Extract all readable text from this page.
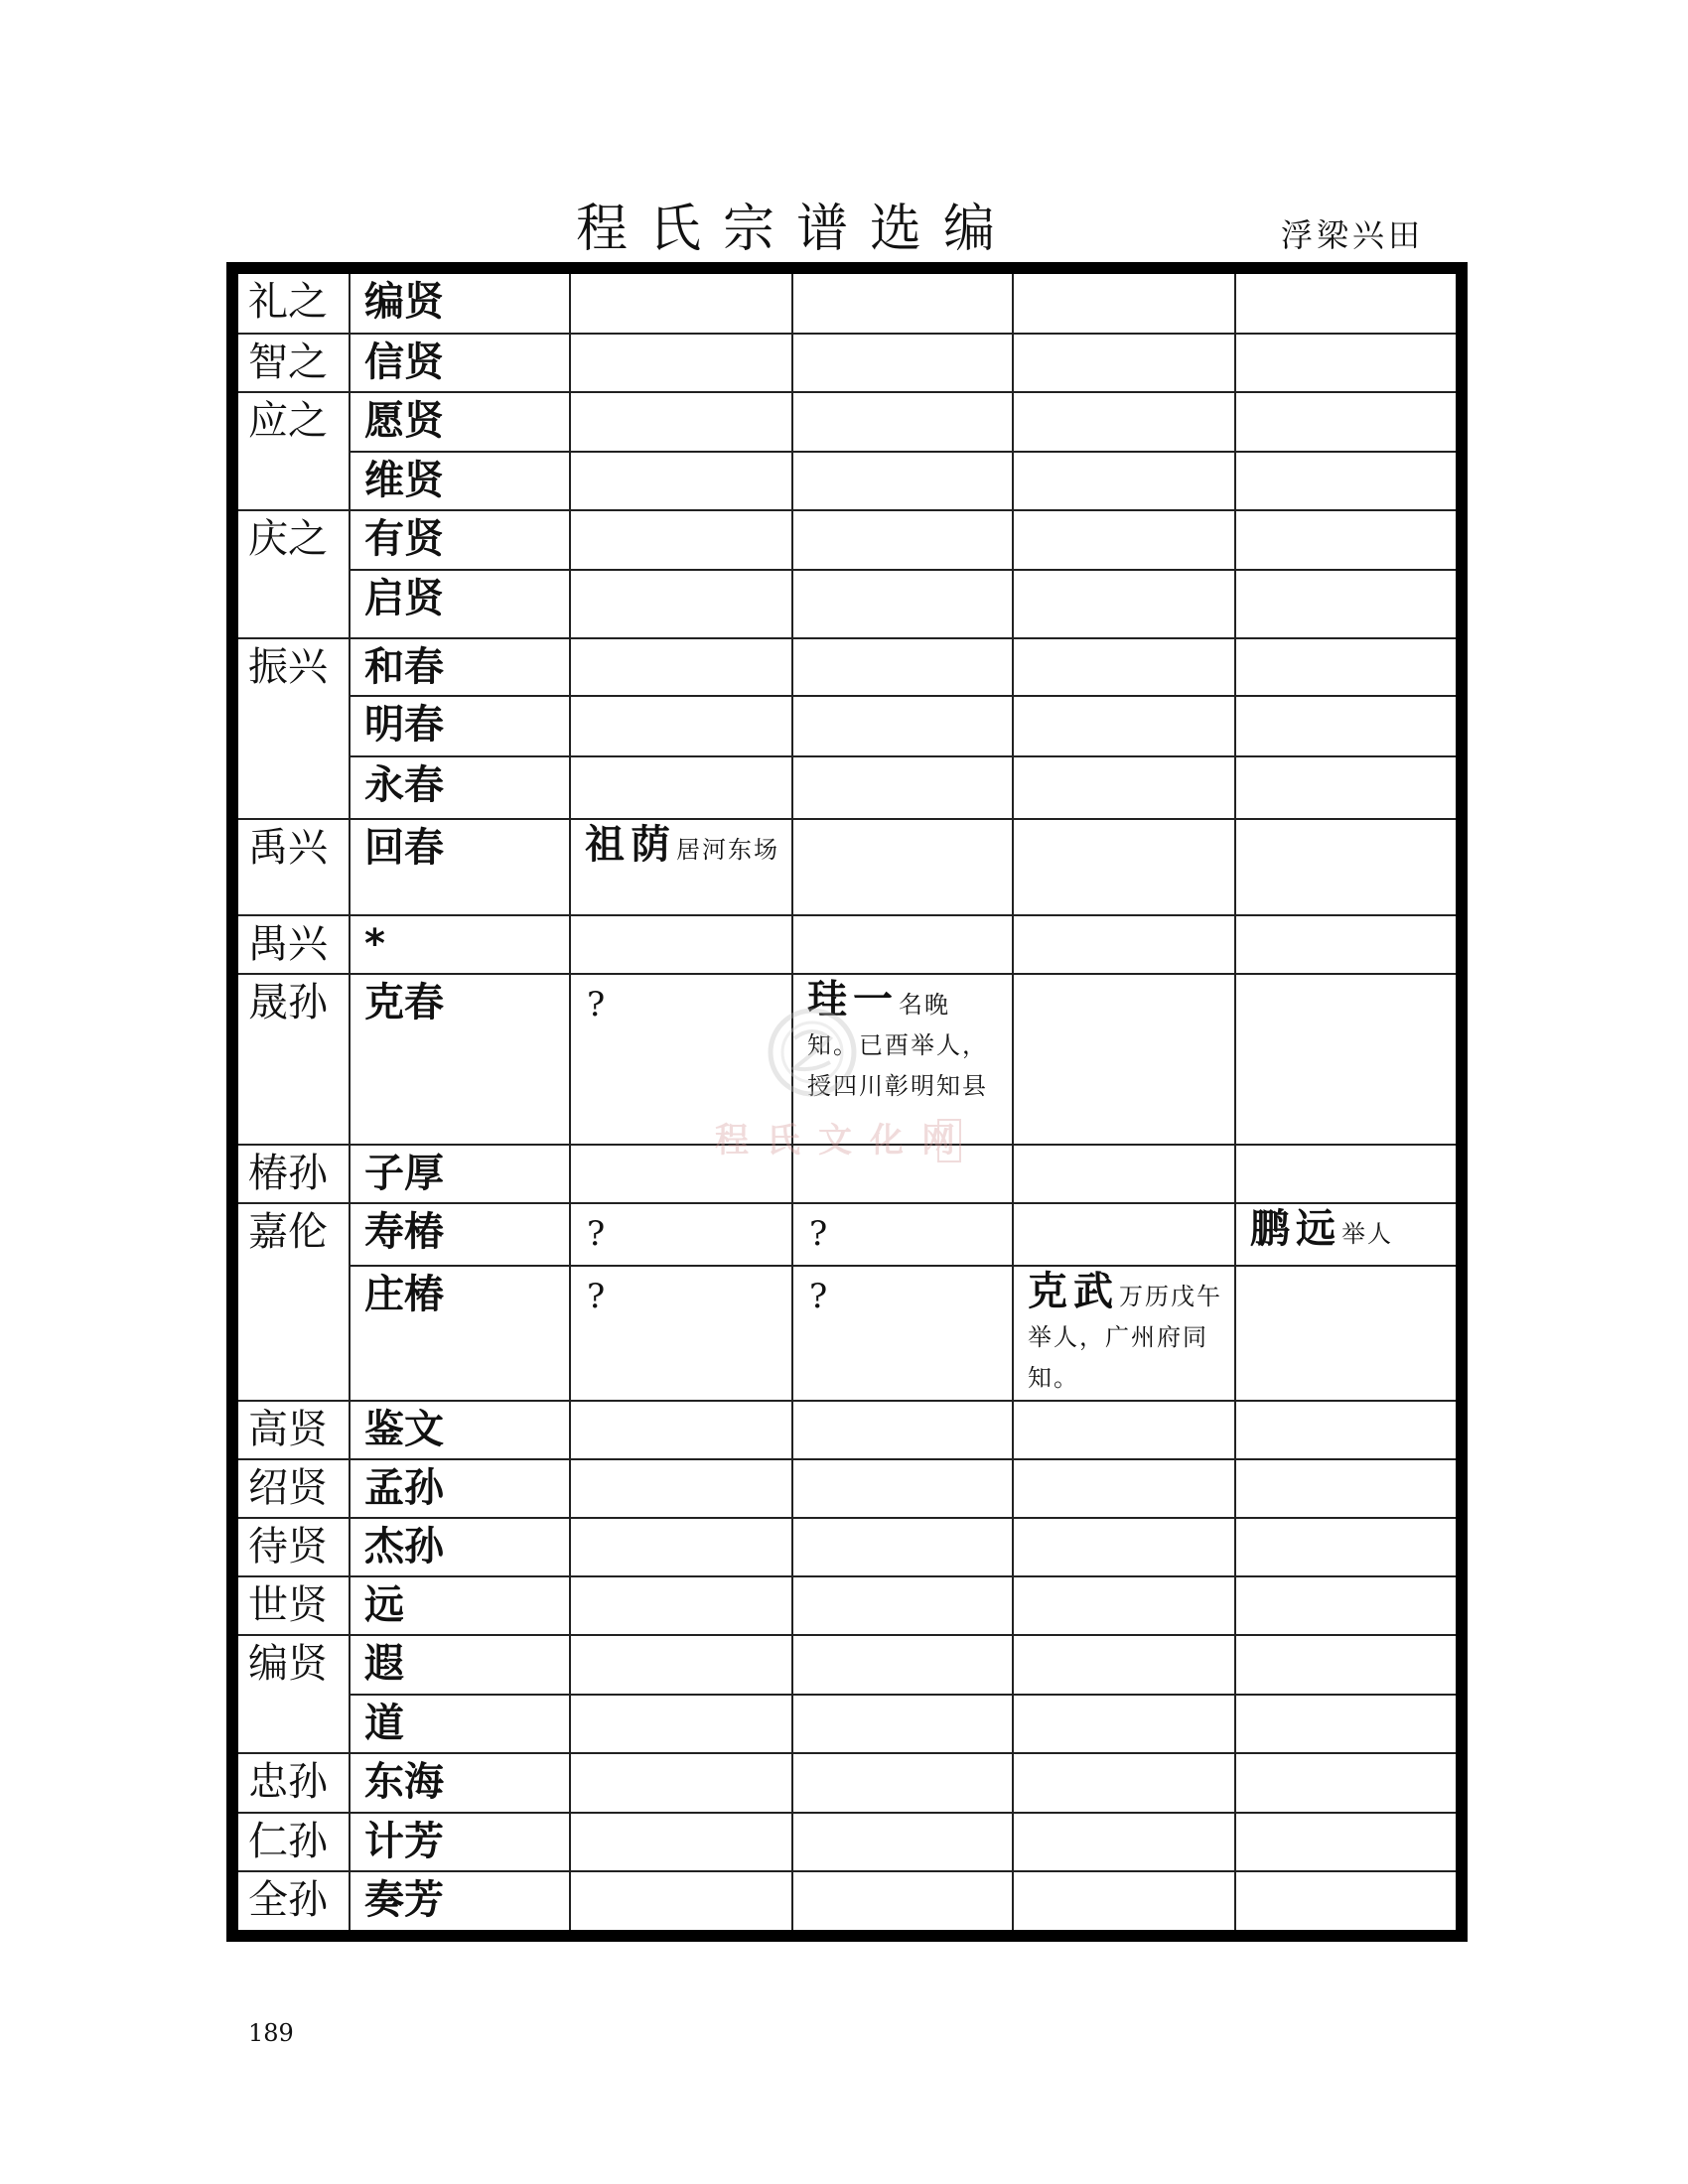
程氏宗谱选编	浮梁兴田
礼之	编贤				

智之	信贤				

应之	愿贤				

	维贤				

庆之	有贤				

	启贤				

振兴	和春				

	明春				

	永春				

禹兴	回春	祖荫居河东场			

禺兴	*				

晟孙	克春	?	珪一名晚知。已酉举人，授四川彰明知县		

椿孙	子厚				

嘉伦	寿椿	?	?		鹏远举人

	庄椿	?	?	克武万历戊午举人，广州府同知。	

高贤	鉴文				

绍贤	孟孙				

待贤	杰孙				

世贤	远				

编贤	遐				

	道				

忠孙	东海				

仁孙	计芳				

全孙	奏芳				

程氏文化网
189
